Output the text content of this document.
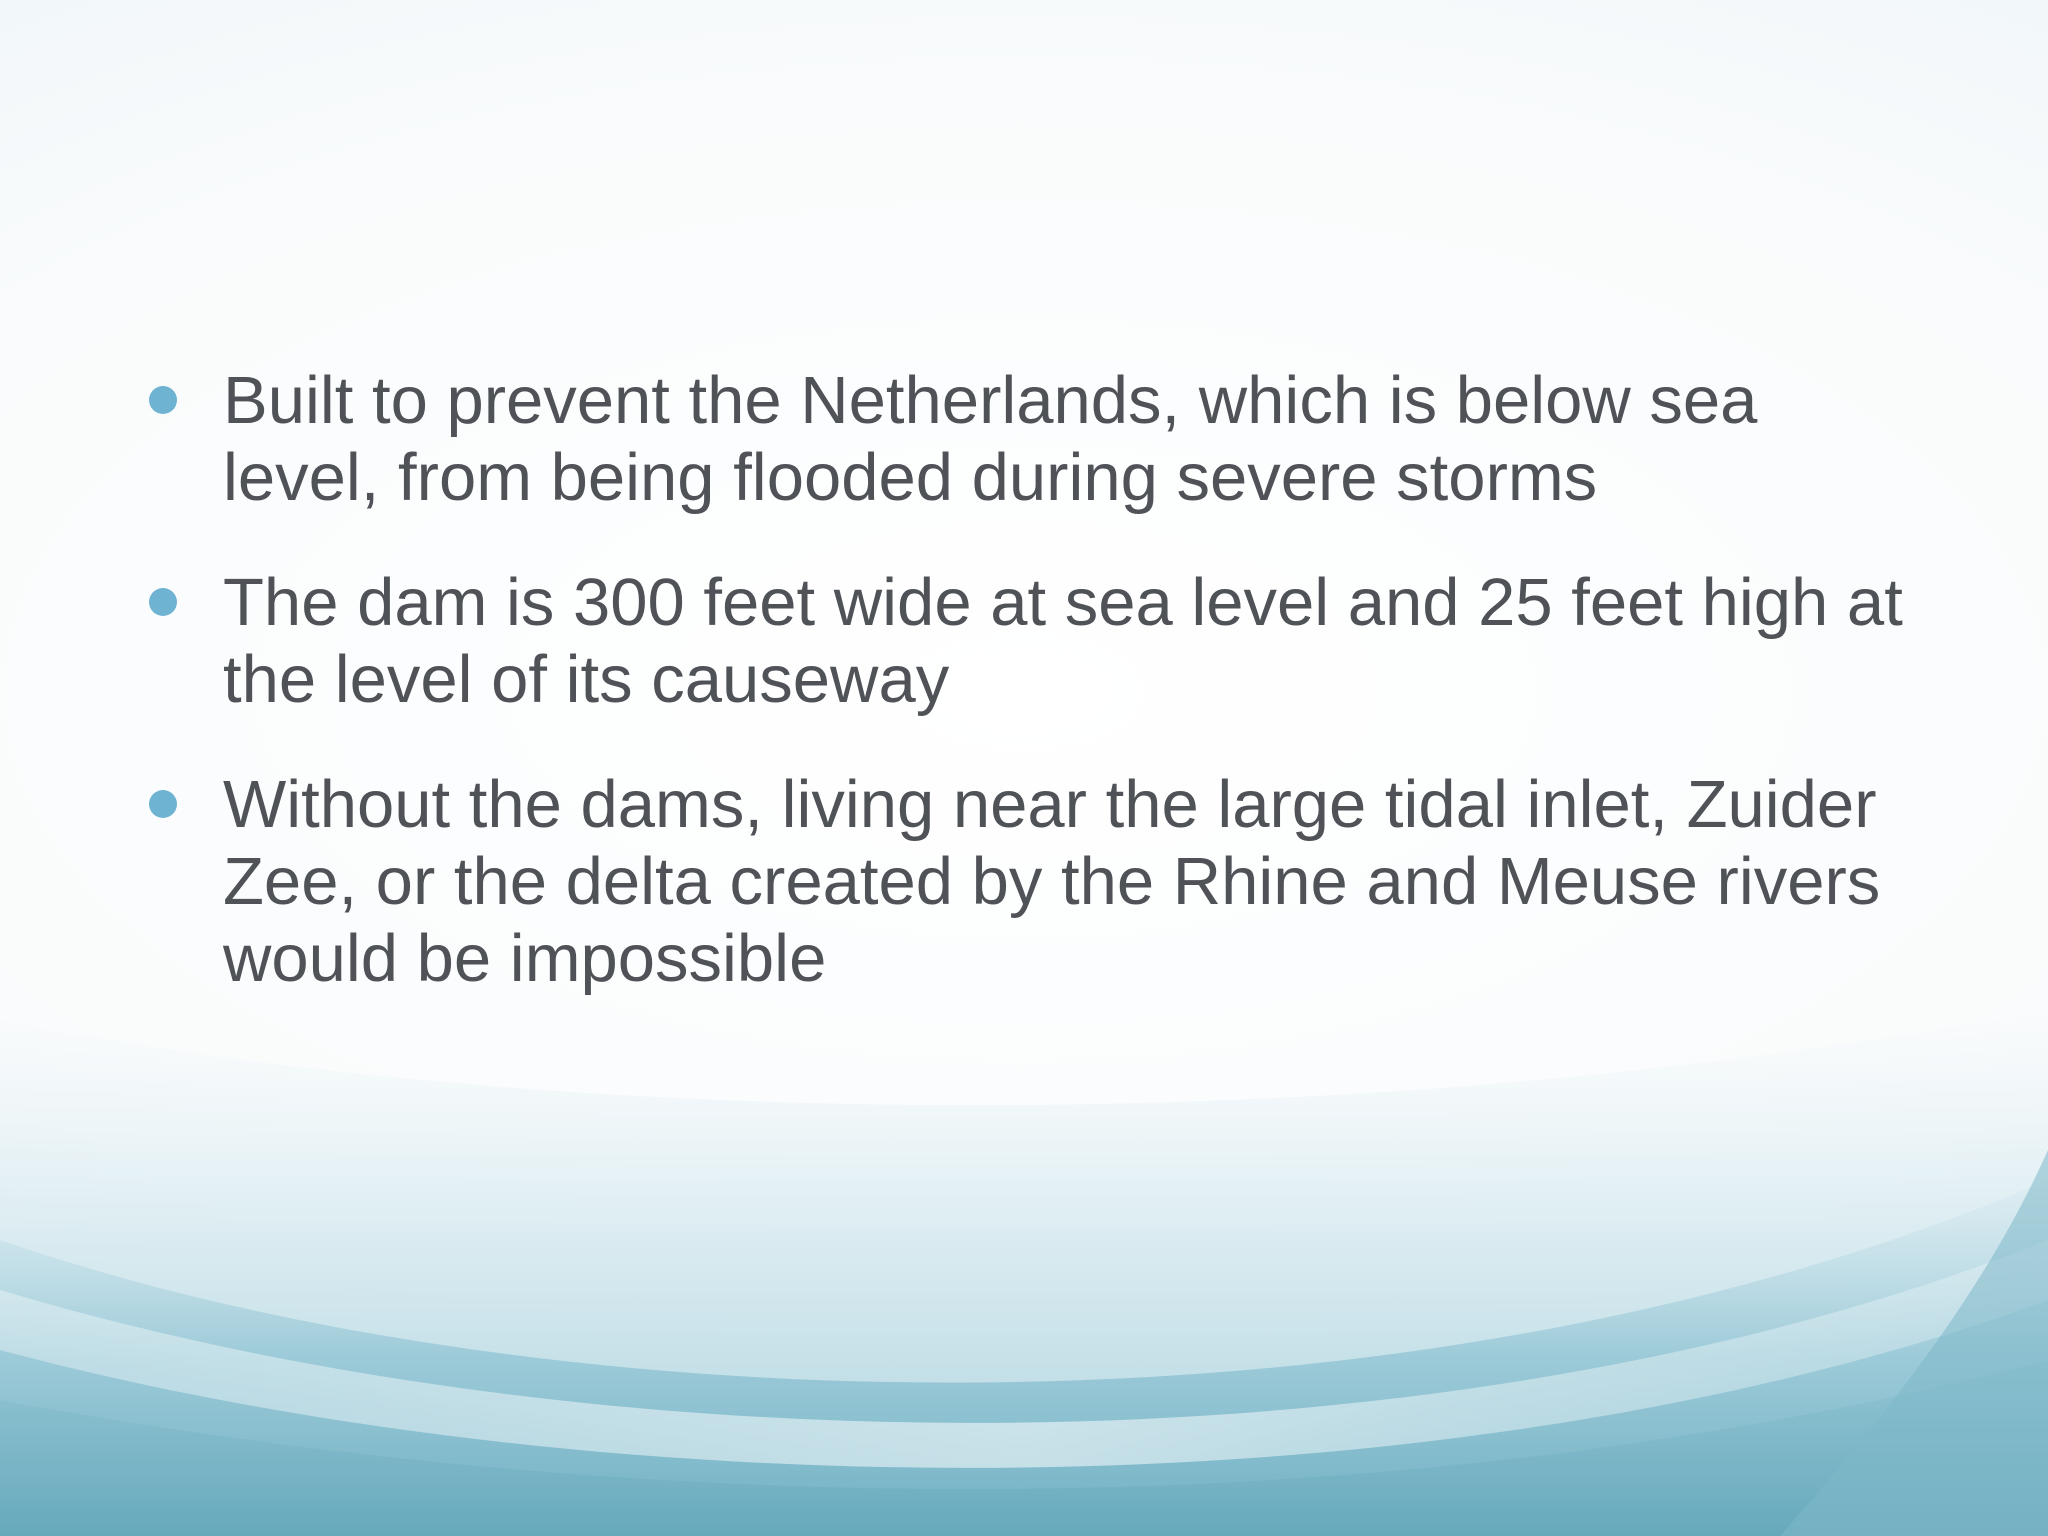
Built to prevent the Netherlands, which is below sea level, from being flooded during severe storms
The dam is 300 feet wide at sea level and 25 feet high at the level of its causeway
Without the dams, living near the large tidal inlet, Zuider Zee, or the delta created by the Rhine and Meuse rivers would be impossible
